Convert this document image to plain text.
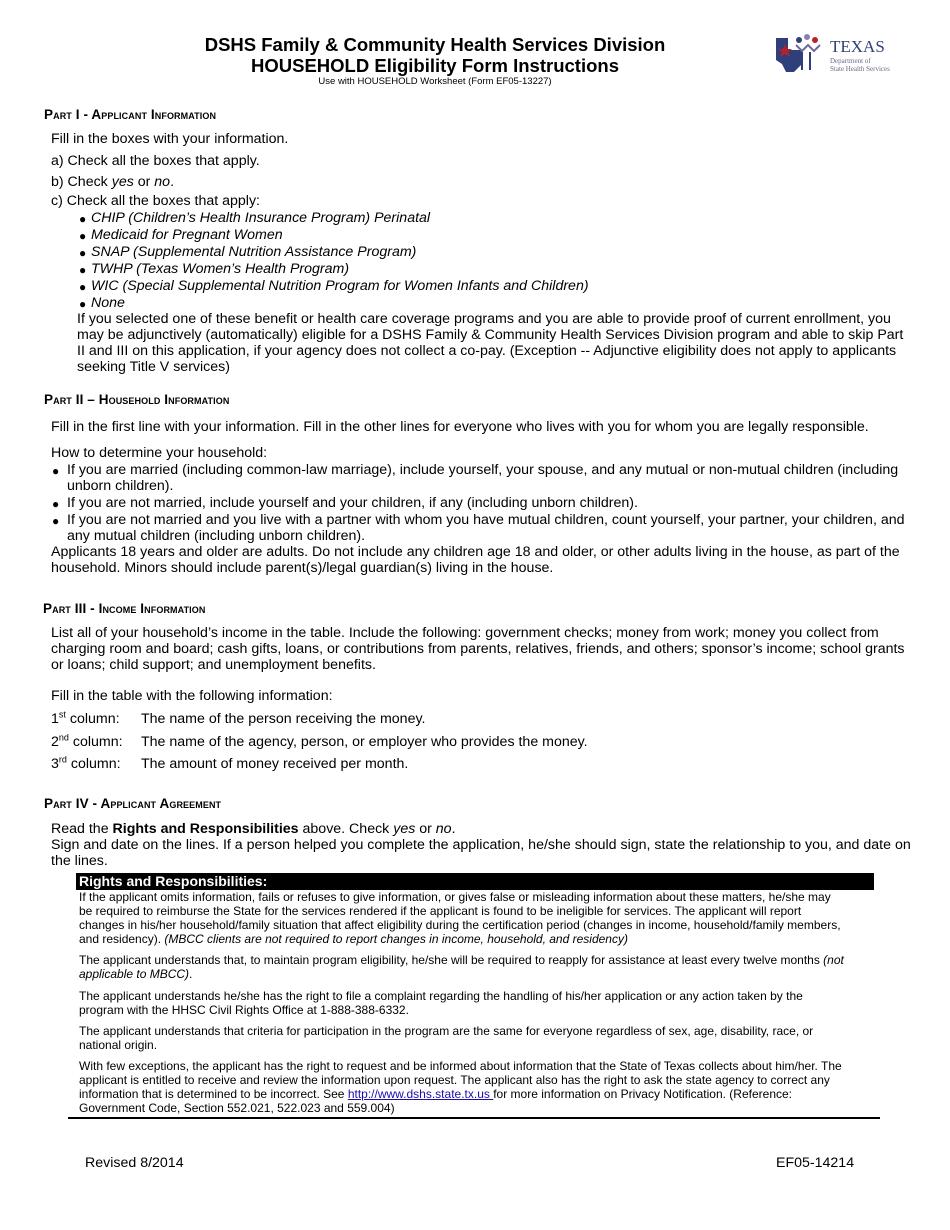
DSHS Family & Community Health Services Division
HOUSEHOLD Eligibility Form Instructions
Use with HOUSEHOLD Worksheet (Form EF05-13227)
TEXAS
Department of
State Health Services
Part I - Applicant Information
Fill in the boxes with your information.
a) Check all the boxes that apply.
b) Check yes or no.
c) Check all the boxes that apply:
● CHIP (Children’s Health Insurance Program) Perinatal
● Medicaid for Pregnant Women
● SNAP (Supplemental Nutrition Assistance Program)
● TWHP (Texas Women’s Health Program)
● WIC (Special Supplemental Nutrition Program for Women Infants and Children)
● None
If you selected one of these benefit or health care coverage programs and you are able to provide proof of current enrollment, you
may be adjunctively (automatically) eligible for a DSHS Family & Community Health Services Division program and able to skip Part
II and III on this application, if your agency does not collect a co-pay. (Exception -- Adjunctive eligibility does not apply to applicants
seeking Title V services)
Part II – Household Information
Fill in the first line with your information. Fill in the other lines for everyone who lives with you for whom you are legally responsible.
How to determine your household:
● If you are married (including common-law marriage), include yourself, your spouse, and any mutual or non-mutual children (including
unborn children).
● If you are not married, include yourself and your children, if any (including unborn children).
● If you are not married and you live with a partner with whom you have mutual children, count yourself, your partner, your children, and
any mutual children (including unborn children).
Applicants 18 years and older are adults. Do not include any children age 18 and older, or other adults living in the house, as part of the
household. Minors should include parent(s)/legal guardian(s) living in the house.
Part III - Income Information
List all of your household’s income in the table. Include the following: government checks; money from work; money you collect from
charging room and board; cash gifts, loans, or contributions from parents, relatives, friends, and others; sponsor’s income; school grants
or loans; child support; and unemployment benefits.
Fill in the table with the following information:
1st column: The name of the person receiving the money.
2nd column: The name of the agency, person, or employer who provides the money.
3rd column: The amount of money received per month.
Part IV - Applicant Agreement
Read the Rights and Responsibilities above. Check yes or no.
Sign and date on the lines. If a person helped you complete the application, he/she should sign, state the relationship to you, and date on
the lines.
Rights and Responsibilities:
If the applicant omits information, fails or refuses to give information, or gives false or misleading information about these matters, he/she may
be required to reimburse the State for the services rendered if the applicant is found to be ineligible for services. The applicant will report
changes in his/her household/family situation that affect eligibility during the certification period (changes in income, household/family members,
and residency). (MBCC clients are not required to report changes in income, household, and residency)
The applicant understands that, to maintain program eligibility, he/she will be required to reapply for assistance at least every twelve months (not
applicable to MBCC).
The applicant understands he/she has the right to file a complaint regarding the handling of his/her application or any action taken by the
program with the HHSC Civil Rights Office at 1-888-388-6332.
The applicant understands that criteria for participation in the program are the same for everyone regardless of sex, age, disability, race, or
national origin.
With few exceptions, the applicant has the right to request and be informed about information that the State of Texas collects about him/her. The
applicant is entitled to receive and review the information upon request. The applicant also has the right to ask the state agency to correct any
information that is determined to be incorrect. See http://www.dshs.state.tx.us for more information on Privacy Notification. (Reference:
Government Code, Section 552.021, 522.023 and 559.004)
Revised 8/2014	EF05-14214
